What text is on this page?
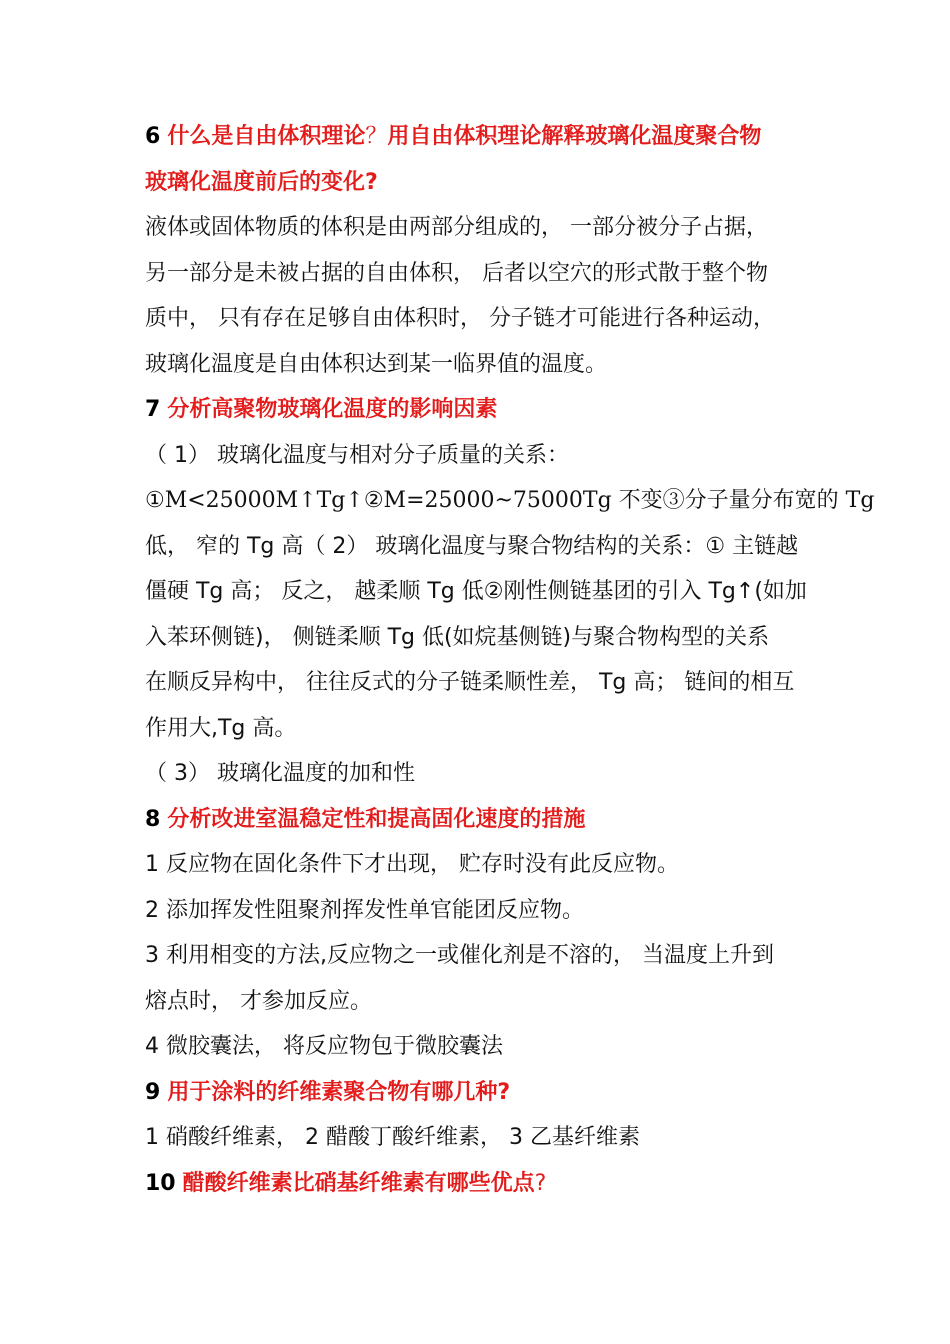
6 什么是自由体积理论？用自由体积理论解释玻璃化温度聚合物
玻璃化温度前后的变化?
液体或固体物质的体积是由两部分组成的， 一部分被分子占据，
另一部分是未被占据的自由体积， 后者以空穴的形式散于整个物
质中， 只有存在足够自由体积时， 分子链才可能进行各种运动，
玻璃化温度是自由体积达到某一临界值的温度。
7 分析高聚物玻璃化温度的影响因素
（ 1） 玻璃化温度与相对分子质量的关系：
①M<25000M↑Tg↑②M=25000~75000Tg 不变③分子量分布宽的 Tg
低， 窄的 Tg 高（ 2） 玻璃化温度与聚合物结构的关系：① 主链越
僵硬 Tg 高； 反之， 越柔顺 Tg 低②刚性侧链基团的引入 Tg↑(如加
入苯环侧链)， 侧链柔顺 Tg 低(如烷基侧链)与聚合物构型的关系
在顺反异构中， 往往反式的分子链柔顺性差， Tg 高； 链间的相互
作用大,Tg 高。
（ 3） 玻璃化温度的加和性
8 分析改进室温稳定性和提高固化速度的措施
1 反应物在固化条件下才出现， 贮存时没有此反应物。
2 添加挥发性阻聚剂挥发性单官能团反应物。
3 利用相变的方法,反应物之一或催化剂是不溶的， 当温度上升到
熔点时， 才参加反应。
4 微胶囊法， 将反应物包于微胶囊法
9 用于涂料的纤维素聚合物有哪几种?
1 硝酸纤维素， 2 醋酸丁酸纤维素， 3 乙基纤维素
10 醋酸纤维素比硝基纤维素有哪些优点?
